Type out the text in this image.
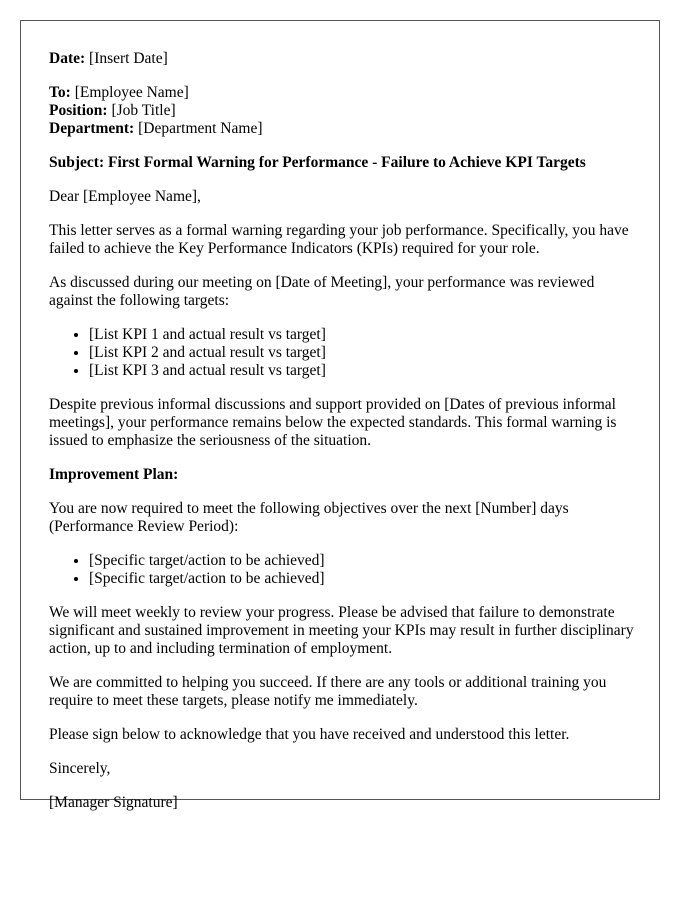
Date: [Insert Date]

To: [Employee Name]
Position: [Job Title]
Department: [Department Name]

Subject: First Formal Warning for Performance - Failure to Achieve KPI Targets

Dear [Employee Name],

This letter serves as a formal warning regarding your job performance. Specifically, you have failed to achieve the Key Performance Indicators (KPIs) required for your role.

As discussed during our meeting on [Date of Meeting], your performance was reviewed against the following targets:

• [List KPI 1 and actual result vs target]
• [List KPI 2 and actual result vs target]
• [List KPI 3 and actual result vs target]

Despite previous informal discussions and support provided on [Dates of previous informal meetings], your performance remains below the expected standards. This formal warning is issued to emphasize the seriousness of the situation.

Improvement Plan:

You are now required to meet the following objectives over the next [Number] days (Performance Review Period):

• [Specific target/action to be achieved]
• [Specific target/action to be achieved]

We will meet weekly to review your progress. Please be advised that failure to demonstrate significant and sustained improvement in meeting your KPIs may result in further disciplinary action, up to and including termination of employment.

We are committed to helping you succeed. If there are any tools or additional training you require to meet these targets, please notify me immediately.

Please sign below to acknowledge that you have received and understood this letter.

Sincerely,

[Manager Signature]
